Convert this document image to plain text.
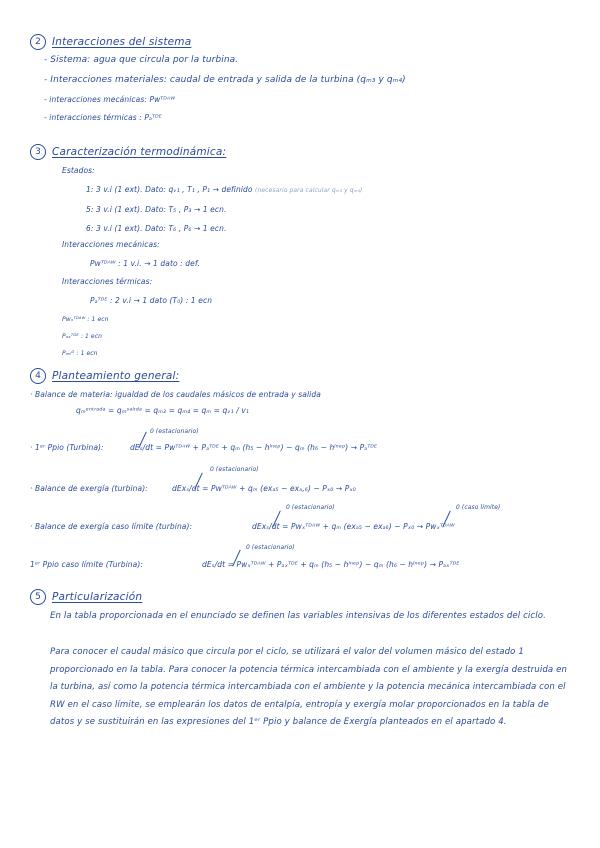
2	Interacciones del sistema
- Sistema: agua que circula por la turbina.
- Interacciones materiales: caudal de entrada y salida de la turbina (qₘ₃ y qₘ₄)
- interacciones mecánicas: Pᴡᵀᴰᴬᵂ
- interacciones térmicas : Pₐᵀᴰᴱ
3	Caracterización termodinámica:
Estados:
1: 3 v.i (1 ext). Dato: qᵥ₁ , T₁ , P₁ → definido (necesario para calcular qₘ₃ y qₘ₄)
5: 3 v.i (1 ext). Dato: T₅ , P₃ → 1 ecn.
6: 3 v.i (1 ext). Dato: T₆ , P₆ → 1 ecn.
Interacciones mecánicas:
Pᴡᵀᴰᴬᵂ : 1 v.i. → 1 dato : def.
Interacciones térmicas:
Pₐᵀᴰᴱ : 2 v.i → 1 dato (T₀) : 1 ecn
Pᴡₓᵀᴰᴬᵂ : 1 ecn
Pₐₓᵀᴰᴱ : 1 ecn
Pₘₜᴰ : 1 ecn
4	Planteamiento general:
· Balance de materia: igualdad de los caudales másicos de entrada y salida
qₘᵉⁿᵗʳᵃᵈᵃ = qₘˢᵃˡᶦᵈᵃ = qₘ₃ = qₘ₄ = qₘ = qᵥ₁ / v₁
0 (estacionario)
· 1ᵉʳ Ppio (Turbina):	dEₛ/dt = Pᴡᵀᴰᴬᵂ + Pₐᵀᴰᴱ + qₘ (h₅ − hˡⁿᵉᵖ) − qₘ (h₆ − hˡⁿᵉᵖ) → Pₐᵀᴰᴱ
0 (estacionario)
· Balance de exergía (turbina):	dExₛ/dt = Pᴡᵀᴰᴬᵂ + qₘ (exₐ₅ − exₐ,₆) − Pₓ₀ → Pₓ₀
0 (estacionario)	0 (caso límite)
· Balance de exergía caso límite (turbina):	dExₛ/dt = Pᴡₓᵀᴰᴬᵂ + qₘ (exₐ₅ − exₐ₆) − Pₓ₀ → Pᴡₓᵀᴰᴬᵂ
0 (estacionario)
1ᵉʳ Ppio caso límite (Turbina):	dEₛ/dt = Pᴡₓᵀᴰᴬᵂ + Pₐₓᵀᴰᴱ + qₘ (h₅ − hˡⁿᵉᵖ) − qₘ (h₆ − hˡⁿᵉᵖ) → Pₐₓᵀᴰᴱ
5	Particularización
En la tabla proporcionada en el enunciado se definen las variables intensivas de los diferentes estados del ciclo.
Para conocer el caudal másico que circula por el ciclo, se utilizará el valor del volumen másico del estado 1 proporcionado en la tabla. Para conocer la potencia térmica intercambiada con el ambiente y la exergía destruida en la turbina, así como la potencia térmica intercambiada con el ambiente y la potencia mecánica intercambiada con el RW en el caso límite, se emplearán los datos de entalpía, entropía y exergía molar proporcionados en la tabla de datos y se sustituirán en las expresiones del 1ᵉʳ Ppio y balance de Exergía planteados en el apartado 4.
